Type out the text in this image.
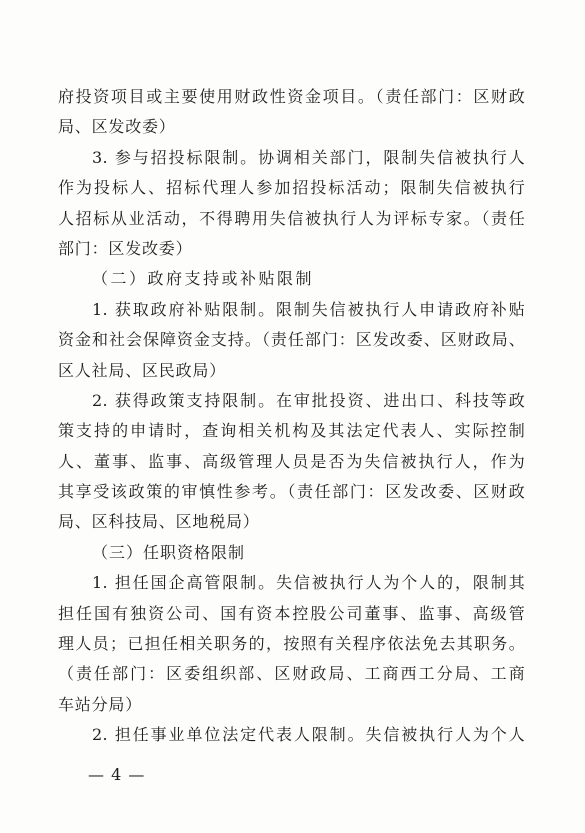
府投资项目或主要使用财政性资金项目。（责任部门：区财政
局、区发改委）
3. 参与招投标限制。协调相关部门，限制失信被执行人
作为投标人、招标代理人参加招投标活动；限制失信被执行
人招标从业活动，不得聘用失信被执行人为评标专家。（责任
部门：区发改委）
（二）政府支持或补贴限制
1. 获取政府补贴限制。限制失信被执行人申请政府补贴
资金和社会保障资金支持。（责任部门：区发改委、区财政局、
区人社局、区民政局）
2. 获得政策支持限制。在审批投资、进出口、科技等政
策支持的申请时，查询相关机构及其法定代表人、实际控制
人、董事、监事、高级管理人员是否为失信被执行人，作为
其享受该政策的审慎性参考。（责任部门：区发改委、区财政
局、区科技局、区地税局）
（三）任职资格限制
1. 担任国企高管限制。失信被执行人为个人的，限制其
担任国有独资公司、国有资本控股公司董事、监事、高级管
理人员；已担任相关职务的，按照有关程序依法免去其职务。
（责任部门：区委组织部、区财政局、工商西工分局、工商
车站分局）
2. 担任事业单位法定代表人限制。失信被执行人为个人
— 4 —
